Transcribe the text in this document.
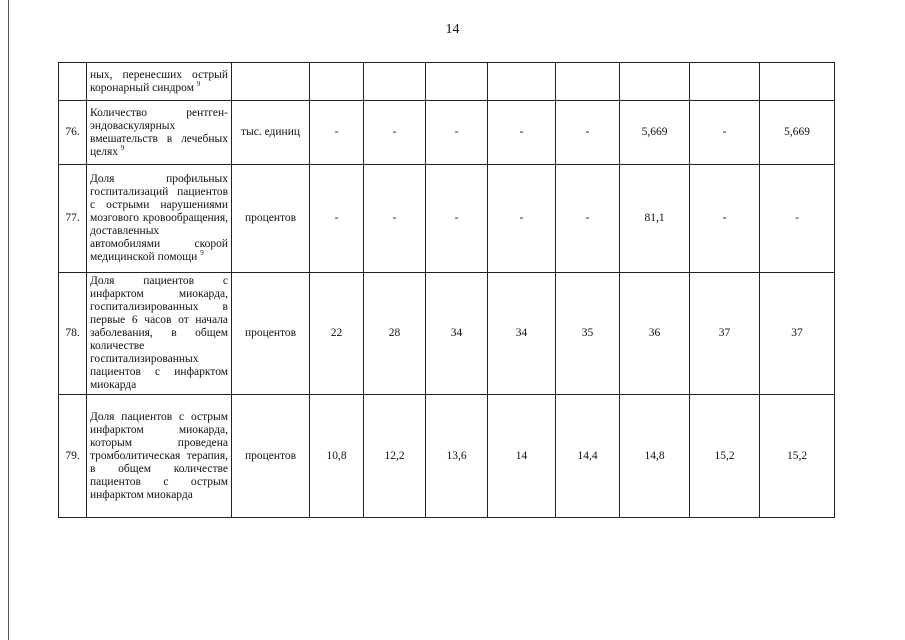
14
	ных, перенесших острый коронарный синдром $^9$									
76.	Количество рентген-эндоваскулярных вмешательств в лечебных целях $^9$	тыс. единиц	-	-	-	-	-	5,669	-	5,669
77.	Доля профильных госпитализаций пациентов с острыми нарушениями мозгового кровообращения, доставленных автомобилями скорой медицинской помощи $^9$	процентов	-	-	-	-	-	81,1	-	-
78.	Доля пациентов с инфарктом миокарда, госпитализированных в первые 6 часов от начала заболевания, в общем количестве госпитализированных пациентов с инфарктом миокарда	процентов	22	28	34	34	35	36	37	37
79.	Доля пациентов с острым инфарктом миокарда, которым проведена тромболитическая терапия, в общем количестве пациентов с острым инфарктом миокарда	процентов	10,8	12,2	13,6	14	14,4	14,8	15,2	15,2
